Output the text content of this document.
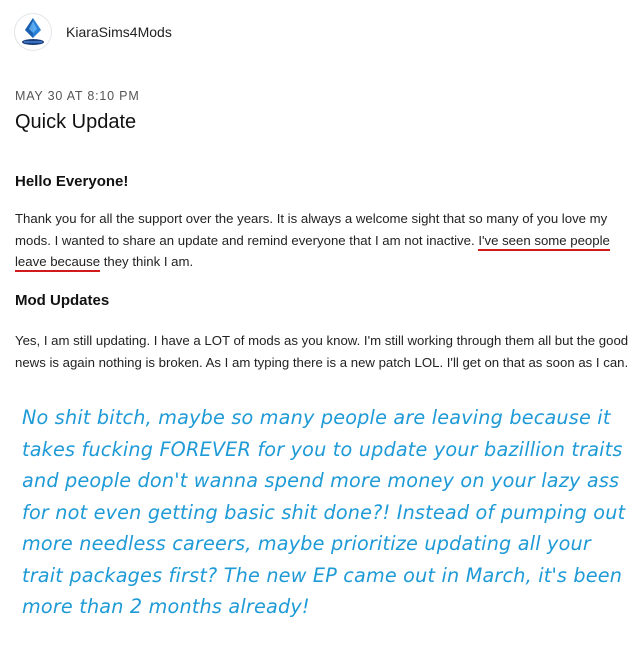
KiaraSims4Mods
MAY 30 AT 8:10 PM
Quick Update
Hello Everyone!
Thank you for all the support over the years. It is always a welcome sight that so many of you love my mods. I wanted to share an update and remind everyone that I am not inactive. I've seen some people leave because they think I am.
Mod Updates
Yes, I am still updating. I have a LOT of mods as you know. I'm still working through them all but the good news is again nothing is broken. As I am typing there is a new patch LOL. I'll get on that as soon as I can.
No shit bitch, maybe so many people are leaving because it takes fucking FOREVER for you to update your bazillion traits and people don't wanna spend more money on your lazy ass for not even getting basic shit done?! Instead of pumping out more needless careers, maybe prioritize updating all your trait packages first? The new EP came out in March, it's been more than 2 months already!
